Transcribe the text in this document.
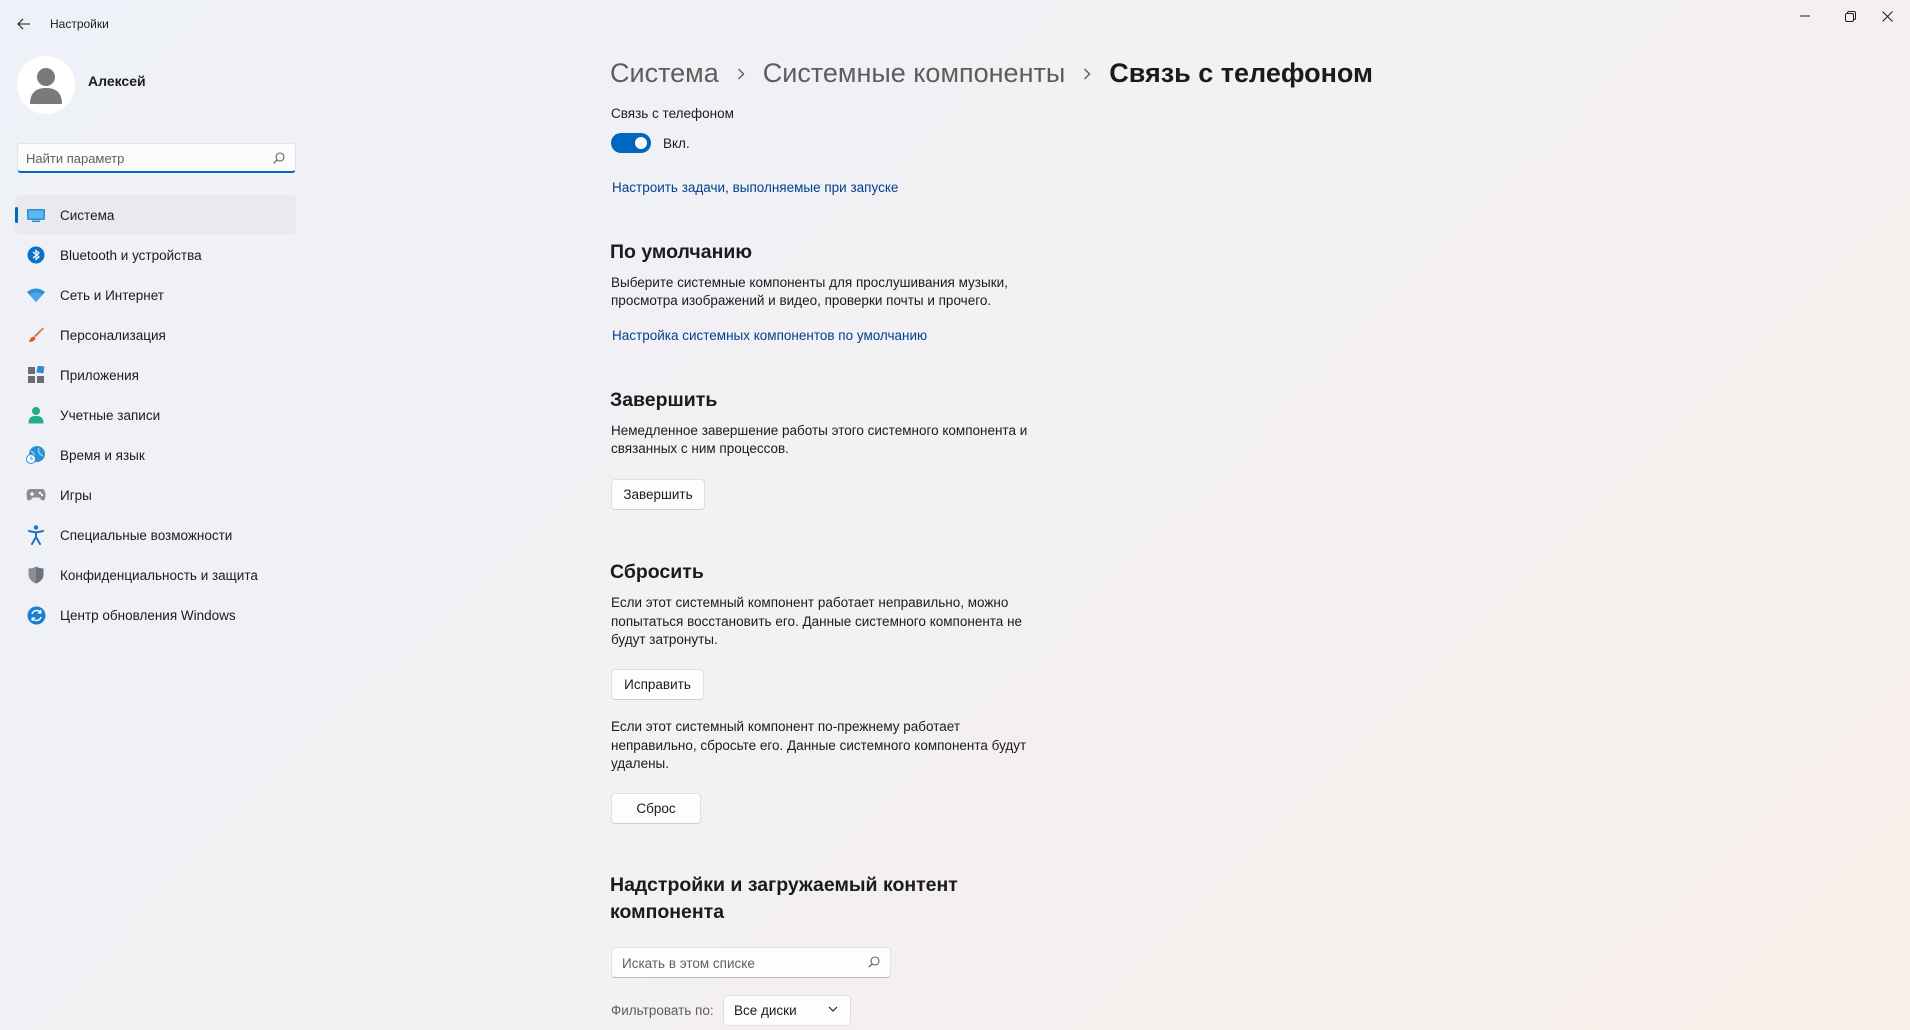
Настройки
Алексей
Найти параметр
Система
Bluetooth и устройства
Сеть и Интернет
Персонализация
Приложения
Учетные записи
Время и язык
Игры
Специальные возможности
Конфиденциальность и защита
Центр обновления Windows
Система Системные компоненты Связь с телефоном
Связь с телефоном
Вкл.
Настроить задачи, выполняемые при запуске
По умолчанию
Выберите системные компоненты для прослушивания музыки,
просмотра изображений и видео, проверки почты и прочего.
Настройка системных компонентов по умолчанию
Завершить
Немедленное завершение работы этого системного компонента и
связанных с ним процессов.
Завершить
Сбросить
Если этот системный компонент работает неправильно, можно
попытаться восстановить его. Данные системного компонента не
будут затронуты.
Исправить
Если этот системный компонент по-прежнему работает
неправильно, сбросьте его. Данные системного компонента будут
удалены.
Сброс
Надстройки и загружаемый контент
компонента
Искать в этом списке
Фильтровать по: Все диски
